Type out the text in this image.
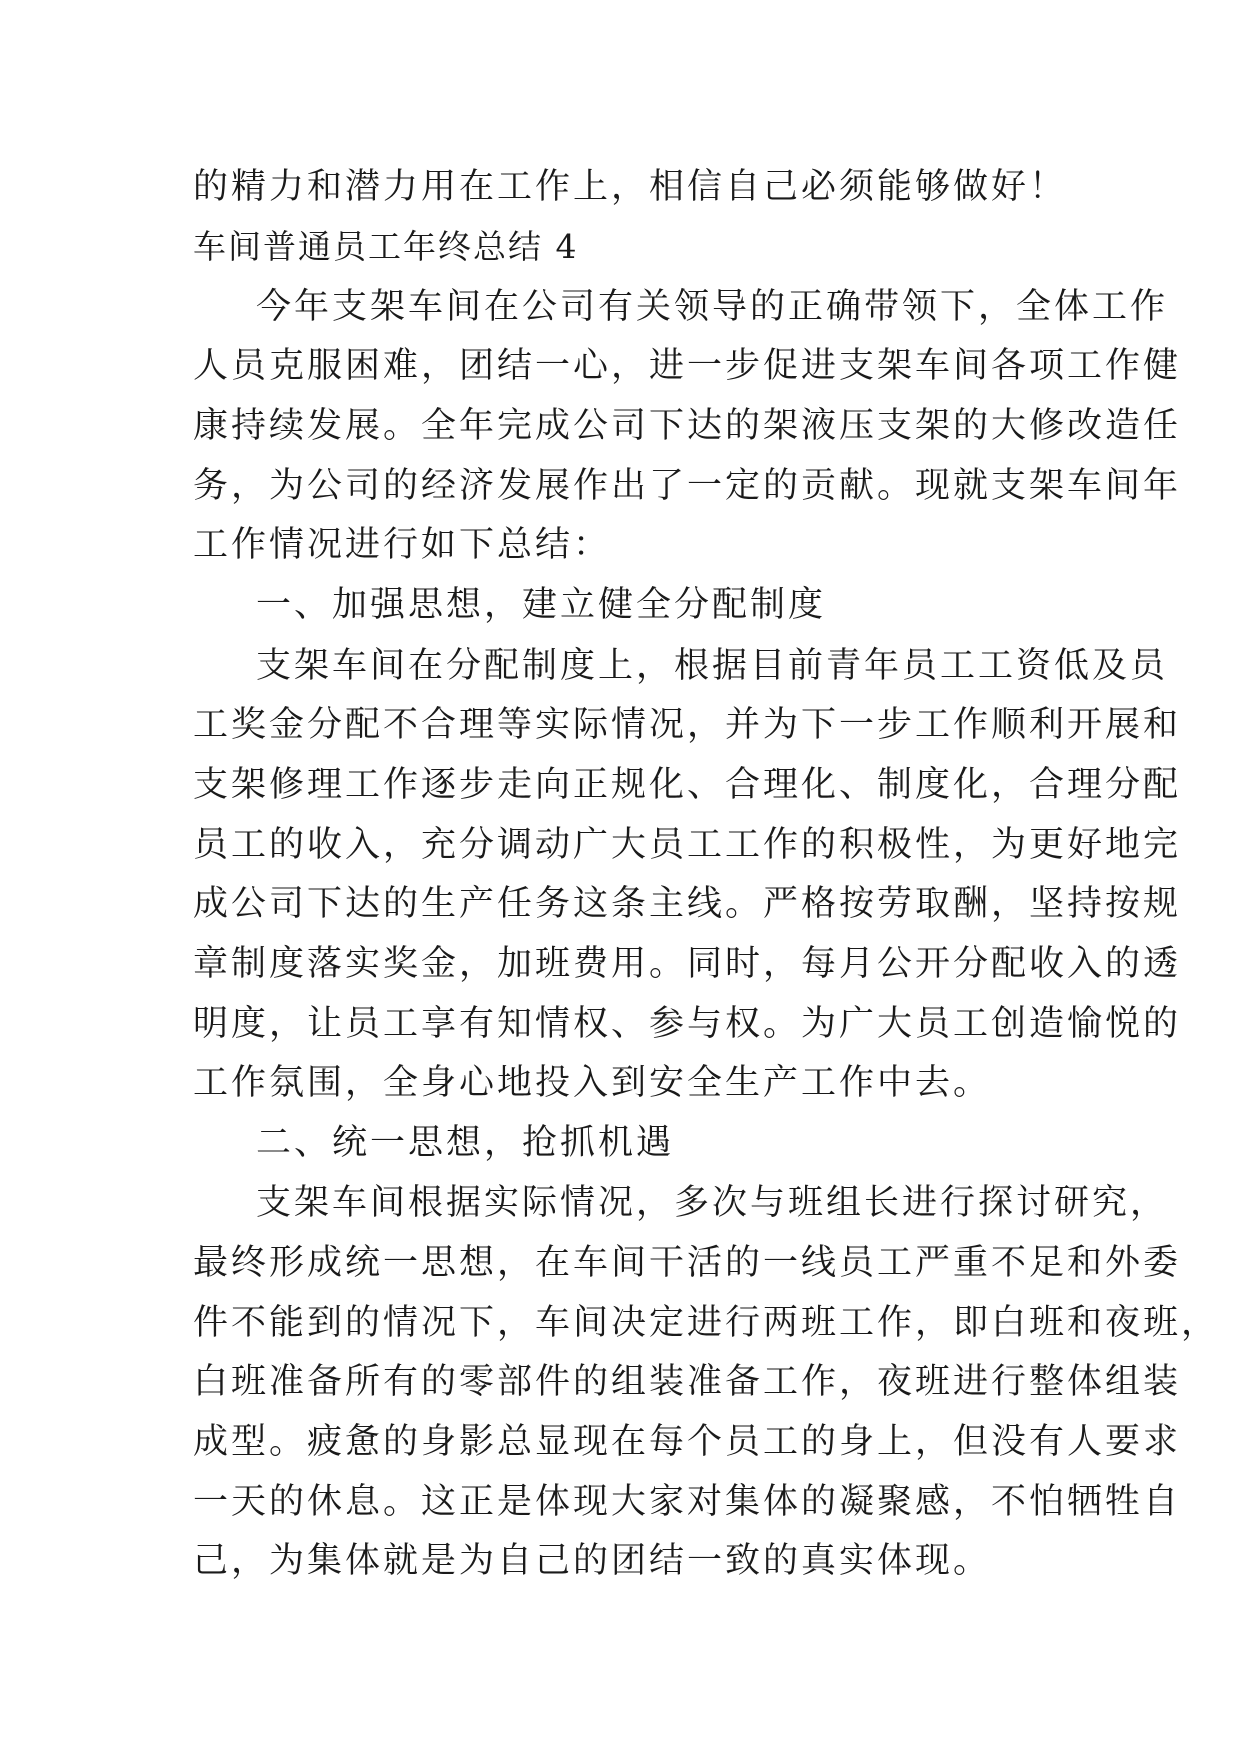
的精力和潜力用在工作上，相信自己必须能够做好！
车间普通员工年终总结 4
今年支架车间在公司有关领导的正确带领下，全体工作
人员克服困难，团结一心，进一步促进支架车间各项工作健
康持续发展。全年完成公司下达的架液压支架的大修改造任
务，为公司的经济发展作出了一定的贡献。现就支架车间年
工作情况进行如下总结：
一、加强思想，建立健全分配制度
支架车间在分配制度上，根据目前青年员工工资低及员
工奖金分配不合理等实际情况，并为下一步工作顺利开展和
支架修理工作逐步走向正规化、合理化、制度化，合理分配
员工的收入，充分调动广大员工工作的积极性，为更好地完
成公司下达的生产任务这条主线。严格按劳取酬，坚持按规
章制度落实奖金，加班费用。同时，每月公开分配收入的透
明度，让员工享有知情权、参与权。为广大员工创造愉悦的
工作氛围，全身心地投入到安全生产工作中去。
二、统一思想，抢抓机遇
支架车间根据实际情况，多次与班组长进行探讨研究，
最终形成统一思想，在车间干活的一线员工严重不足和外委
件不能到的情况下，车间决定进行两班工作，即白班和夜班，
白班准备所有的零部件的组装准备工作，夜班进行整体组装
成型。疲惫的身影总显现在每个员工的身上，但没有人要求
一天的休息。这正是体现大家对集体的凝聚感，不怕牺牲自
己，为集体就是为自己的团结一致的真实体现。
